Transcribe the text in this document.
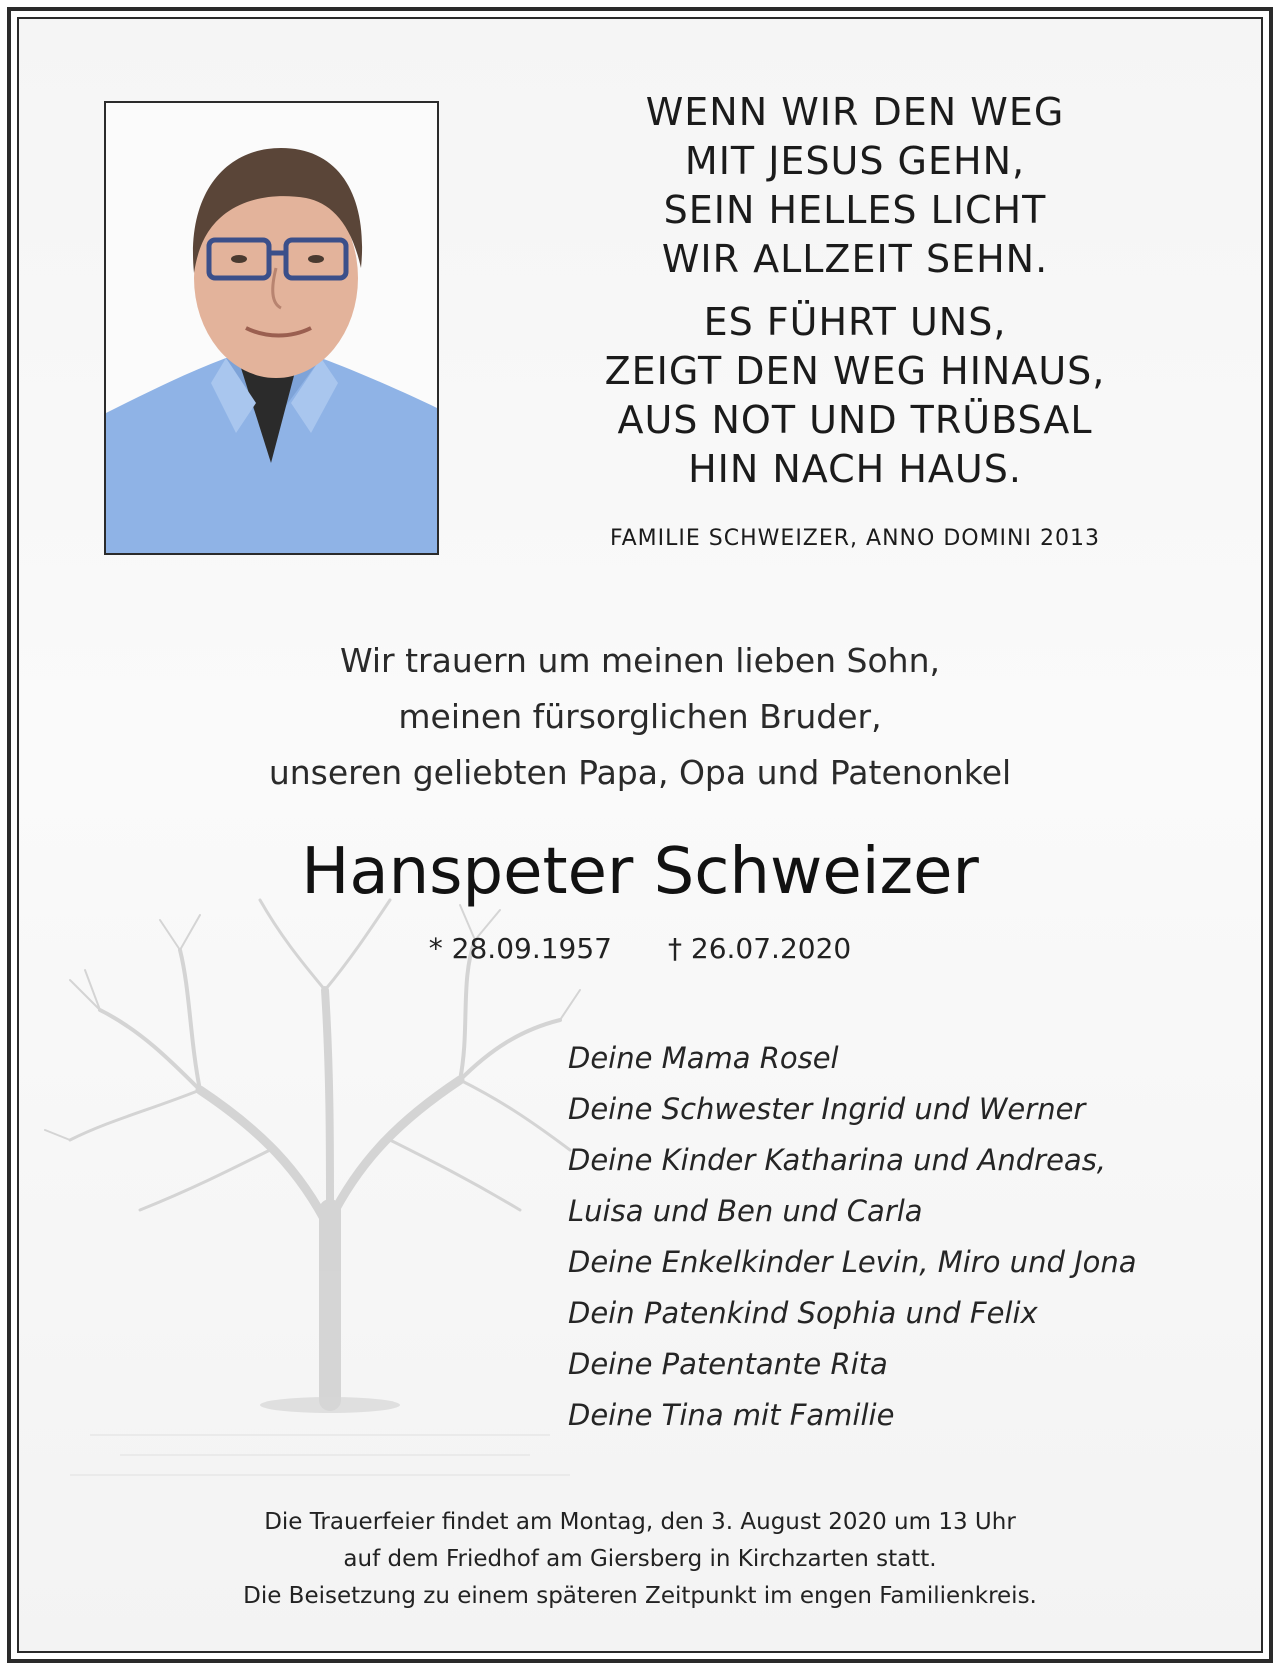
WENN WIR DEN WEG
MIT JESUS GEHN,
SEIN HELLES LICHT
WIR ALLZEIT SEHN.
ES FÜHRT UNS,
ZEIGT DEN WEG HINAUS,
AUS NOT UND TRÜBSAL
HIN NACH HAUS.
FAMILIE SCHWEIZER, ANNO DOMINI 2013
Wir trauern um meinen lieben Sohn,
meinen fürsorglichen Bruder,
unseren geliebten Papa, Opa und Patenonkel
Hanspeter Schweizer
* 28.09.1957 † 26.07.2020
Deine Mama Rosel
Deine Schwester Ingrid und Werner
Deine Kinder Katharina und Andreas,
Luisa und Ben und Carla
Deine Enkelkinder Levin, Miro und Jona
Dein Patenkind Sophia und Felix
Deine Patentante Rita
Deine Tina mit Familie
Die Trauerfeier findet am Montag, den 3. August 2020 um 13 Uhr
auf dem Friedhof am Giersberg in Kirchzarten statt.
Die Beisetzung zu einem späteren Zeitpunkt im engen Familienkreis.
